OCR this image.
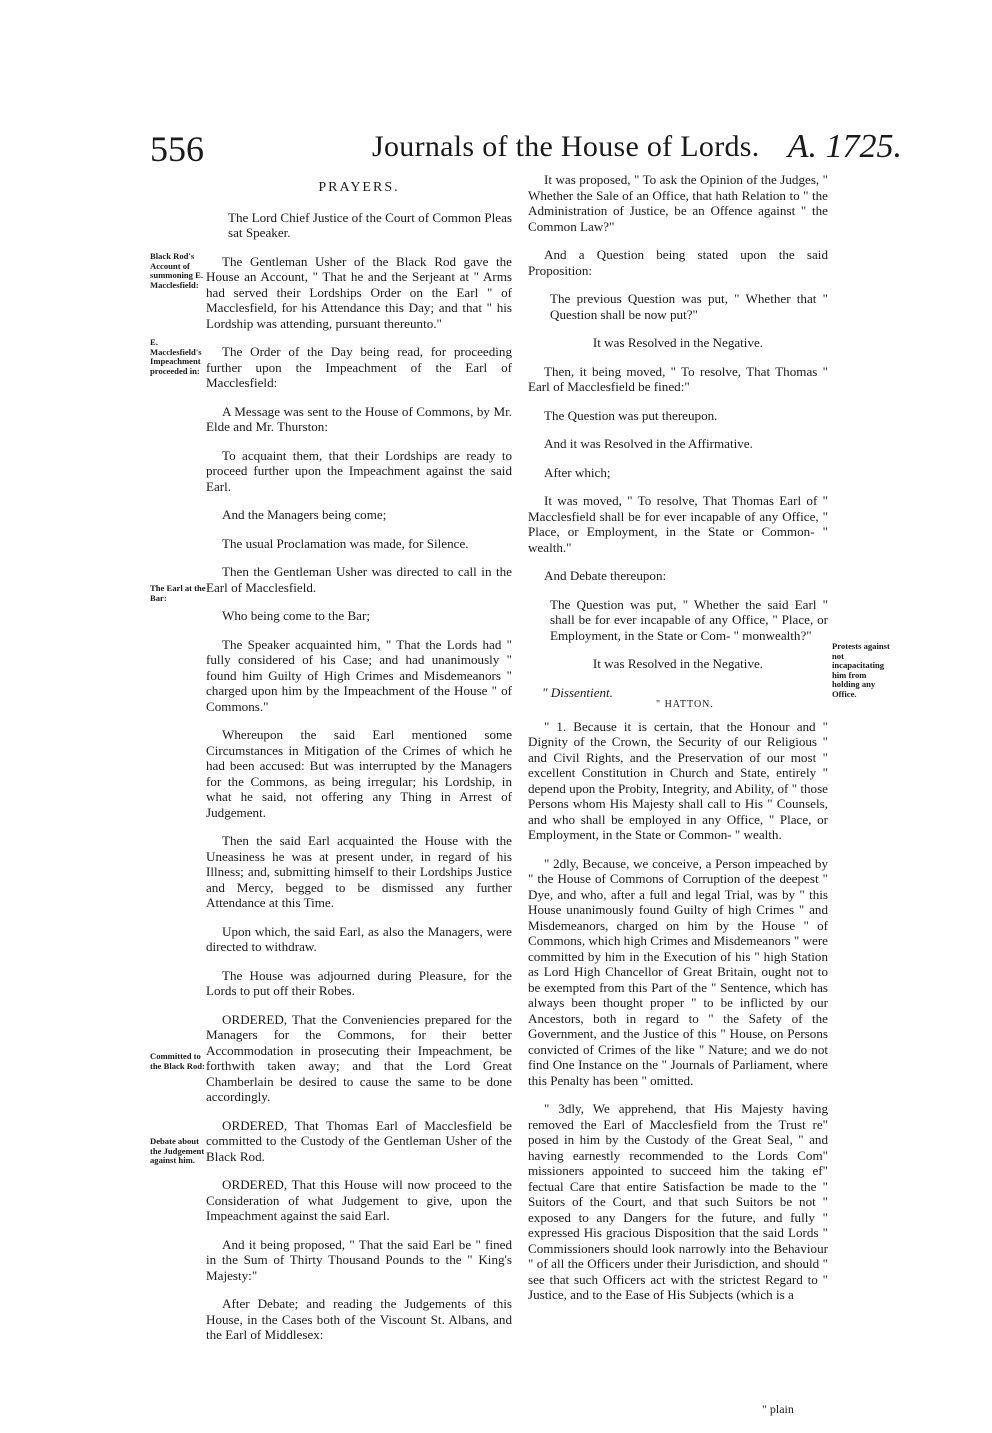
556	Journals of the House of Lords. A. 1725.
Black Rod's Account of summoning E. Macclesfield:
E. Macclesfield's Impeachment proceeded in:
The Earl at the Bar:
Committed to the Black Rod:
Debate about the Judgement against him.
Protests against not incapacitating him from holding any Office.
PRAYERS.

The Lord Chief Justice of the Court of Common Pleas sat Speaker.

The Gentleman Usher of the Black Rod gave the House an Account, " That he and the Serjeant at " Arms had served their Lordships Order on the Earl " of Macclesfield, for his Attendance this Day; and that " his Lordship was attending, pursuant thereunto."

The Order of the Day being read, for proceeding further upon the Impeachment of the Earl of Macclesfield:

A Message was sent to the House of Commons, by Mr. Elde and Mr. Thurston:

To acquaint them, that their Lordships are ready to proceed further upon the Impeachment against the said Earl.

And the Managers being come;

The usual Proclamation was made, for Silence.

Then the Gentleman Usher was directed to call in the Earl of Macclesfield.

Who being come to the Bar;

The Speaker acquainted him, " That the Lords had " fully considered of his Case; and had unanimously " found him Guilty of High Crimes and Misdemeanors " charged upon him by the Impeachment of the House " of Commons."

Whereupon the said Earl mentioned some Circumstances in Mitigation of the Crimes of which he had been accused: But was interrupted by the Managers for the Commons, as being irregular; his Lordship, in what he said, not offering any Thing in Arrest of Judgement.

Then the said Earl acquainted the House with the Uneasiness he was at present under, in regard of his Illness; and, submitting himself to their Lordships Justice and Mercy, begged to be dismissed any further Attendance at this Time.

Upon which, the said Earl, as also the Managers, were directed to withdraw.

The House was adjourned during Pleasure, for the Lords to put off their Robes.

ORDERED, That the Conveniencies prepared for the Managers for the Commons, for their better Accommodation in prosecuting their Impeachment, be forthwith taken away; and that the Lord Great Chamberlain be desired to cause the same to be done accordingly.

ORDERED, That Thomas Earl of Macclesfield be committed to the Custody of the Gentleman Usher of the Black Rod.

ORDERED, That this House will now proceed to the Consideration of what Judgement to give, upon the Impeachment against the said Earl.

And it being proposed, " That the said Earl be " fined in the Sum of Thirty Thousand Pounds to the " King's Majesty:"

After Debate; and reading the Judgements of this House, in the Cases both of the Viscount St. Albans, and the Earl of Middlesex:

It was proposed, " To ask the Opinion of the Judges, " Whether the Sale of an Office, that hath Relation to " the Administration of Justice, be an Offence against " the Common Law?"

And a Question being stated upon the said Proposition:

The previous Question was put, " Whether that " Question shall be now put?"

It was Resolved in the Negative.

Then, it being moved, " To resolve, That Thomas " Earl of Macclesfield be fined:"

The Question was put thereupon.

And it was Resolved in the Affirmative.

After which;

It was moved, " To resolve, That Thomas Earl of " Macclesfield shall be for ever incapable of any Office, " Place, or Employment, in the State or Common- " wealth."

And Debate thereupon:

The Question was put, " Whether the said Earl " shall be for ever incapable of any Office, " Place, or Employment, in the State or Com- " monwealth?"

It was Resolved in the Negative.

" Dissentient.
" HATTON.

" 1. Because it is certain, that the Honour and " Dignity of the Crown, the Security of our Religious " and Civil Rights, and the Preservation of our most " excellent Constitution in Church and State, entirely " depend upon the Probity, Integrity, and Ability, of " those Persons whom His Majesty shall call to His " Counsels, and who shall be employed in any Office, " Place, or Employment, in the State or Common- " wealth.

" 2dly, Because, we conceive, a Person impeached by " the House of Commons of Corruption of the deepest " Dye, and who, after a full and legal Trial, was by " this House unanimously found Guilty of high Crimes " and Misdemeanors, charged on him by the House " of Commons, which high Crimes and Misdemeanors " were committed by him in the Execution of his " high Station as Lord High Chancellor of Great Britain, ought not to be exempted from this Part of the " Sentence, which has always been thought proper " to be inflicted by our Ancestors, both in regard to " the Safety of the Government, and the Justice of this " House, on Persons convicted of Crimes of the like " Nature; and we do not find One Instance on the " Journals of Parliament, where this Penalty has been " omitted.

" 3dly, We apprehend, that His Majesty having removed the Earl of Macclesfield from the Trust re" posed in him by the Custody of the Great Seal, " and having earnestly recommended to the Lords Com" missioners appointed to succeed him the taking ef" fectual Care that entire Satisfaction be made to the " Suitors of the Court, and that such Suitors be not " exposed to any Dangers for the future, and fully " expressed His gracious Disposition that the said Lords " Commissioners should look narrowly into the Behaviour " of all the Officers under their Jurisdiction, and should " see that such Officers act with the strictest Regard to " Justice, and to the Ease of His Subjects (which is a

" plain
